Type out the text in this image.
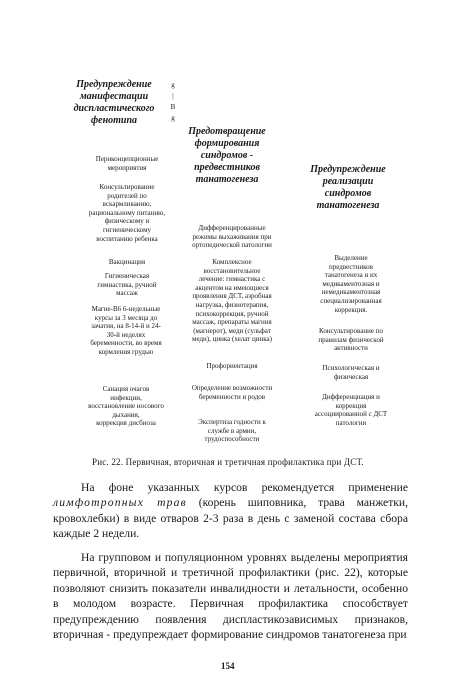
Предупреждение
манифестации
диспластического
фенотипа
g
|
В
g
Предотвращение
формирования
синдромов -
предвестников
танатогенеза
Предупреждение
реализации
синдромов
танатогенеза
Периконцепционные
мероприятия
Консультирование
родителей по
вскармливанию,
рациональному питанию,
физическому и
гигиеническому
воспитанию ребенка
Вакцинация
Гигиеническая
гимнастика, ручной
массаж
Магне-B6 6-недельные
курсы за 3 месяца до
зачатия, на 8-14-й и 24-
30-й неделях
беременности, во время
кормления грудью
Санация очагов
инфекции,
восстановление носового
дыхания,
коррекция дисбиоза
Дифференцированные
режимы выхаживания при
ортопедической патологии
Комплексное
восстановительное
лечение: гимнастика с
акцентом на имеющиеся
проявления ДСТ, аэробная
нагрузка, физиотерапия,
психокоррекция, ручной
массаж, препараты магния
(магнерот), меди (сульфат
меди), цинка (хелат цинка)
Профориентация
Определение возможности
беременности и родов
Экспертиза годности к
службе в армии,
трудоспособности
Выделение
предвестников
танатогенеза и их
медикаментозная и
немедикаментозная
специализированная
коррекция.
Консультирование по
правилам физической
активности
Психологическая и
физическая
Дифференциация и
коррекция
ассоциированной с ДСТ
патологии
Рис. 22. Первичная, вторичная и третичная профилактика при ДСТ.
На фоне указанных курсов рекомендуется применение лимфотропных трав (корень шиповника, трава манжетки, кровохлебки) в виде отваров 2-3 раза в день с заменой состава сбора каждые 2 недели.
На групповом и популяционном уровнях выделены мероприятия первичной, вторичной и третичной профилактики (рис. 22), которые позволяют снизить показатели инвалидности и летальности, особенно в молодом возрасте. Первичная профилактика способствует предупреждению появления диспластикозависимых признаков, вторичная - предупреждает формирование синдромов танатогенеза при
154
